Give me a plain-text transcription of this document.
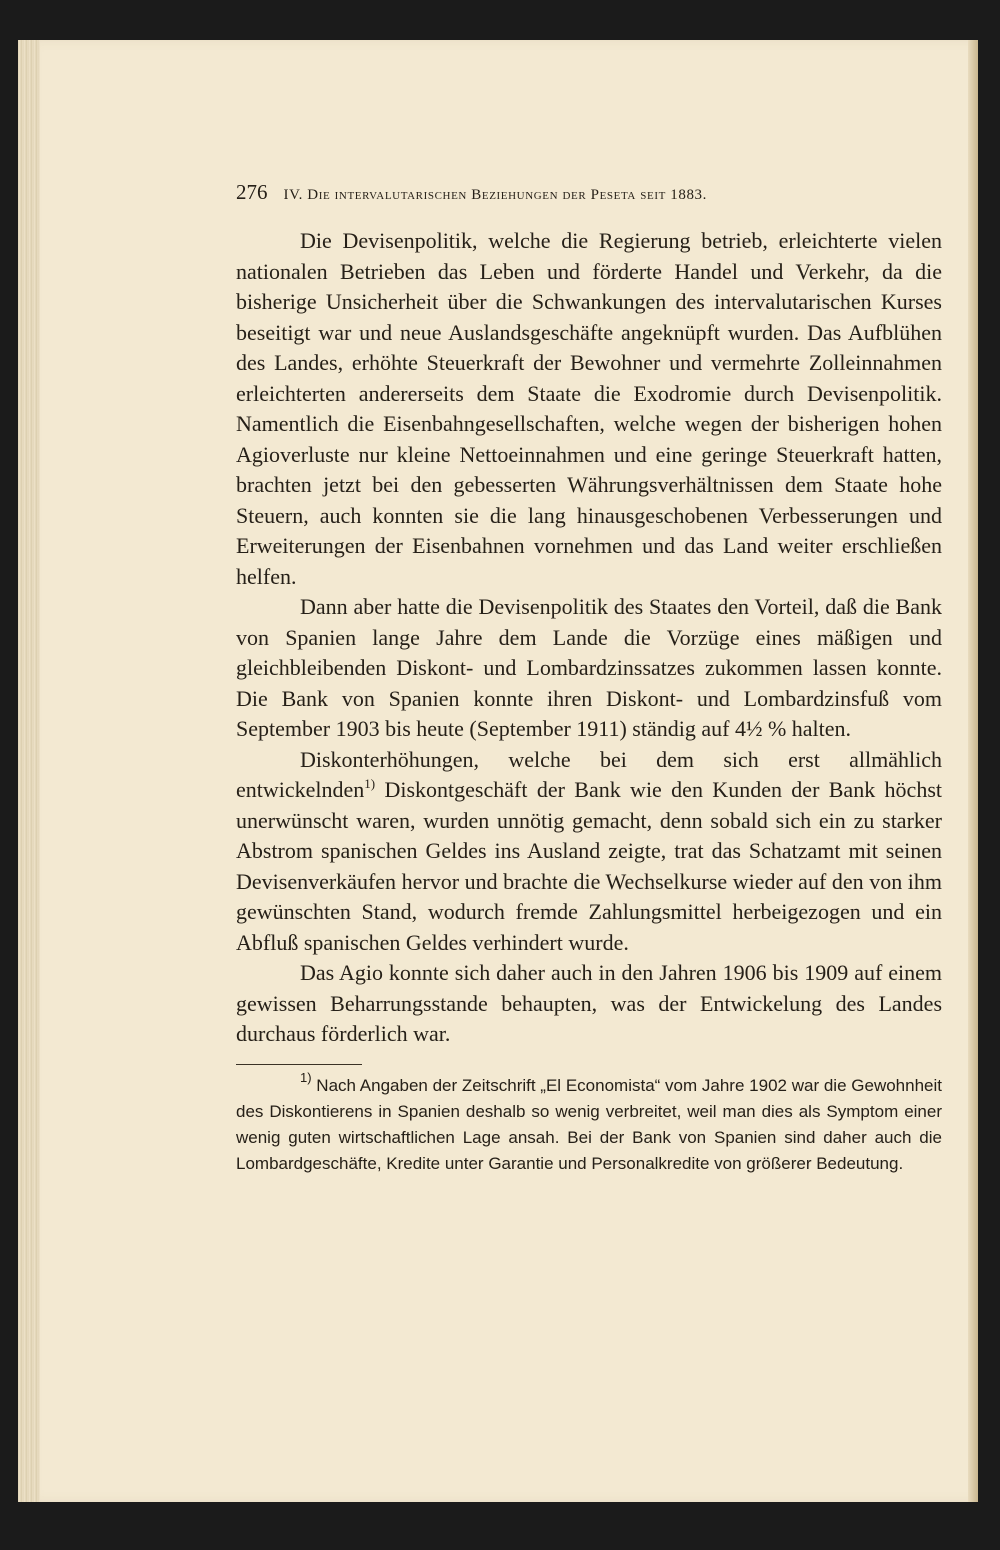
276 IV. Die intervalutarischen Beziehungen der Peseta seit 1883.

Die Devisenpolitik, welche die Regierung betrieb, erleichterte vielen nationalen Betrieben das Leben und förderte Handel und Verkehr, da die bisherige Unsicherheit über die Schwankungen des intervalutarischen Kurses beseitigt war und neue Auslandsgeschäfte angeknüpft wurden. Das Aufblühen des Landes, erhöhte Steuerkraft der Bewohner und vermehrte Zolleinnahmen erleichterten andererseits dem Staate die Exodromie durch Devisenpolitik. Namentlich die Eisenbahngesellschaften, welche wegen der bisherigen hohen Agioverluste nur kleine Nettoeinnahmen und eine geringe Steuerkraft hatten, brachten jetzt bei den gebesserten Währungsverhältnissen dem Staate hohe Steuern, auch konnten sie die lang hinausgeschobenen Verbesserungen und Erweiterungen der Eisenbahnen vornehmen und das Land weiter erschließen helfen.

Dann aber hatte die Devisenpolitik des Staates den Vorteil, daß die Bank von Spanien lange Jahre dem Lande die Vorzüge eines mäßigen und gleichbleibenden Diskont- und Lombardzinssatzes zukommen lassen konnte. Die Bank von Spanien konnte ihren Diskont- und Lombardzinsfuß vom September 1903 bis heute (September 1911) ständig auf 4½ % halten.

Diskonterhöhungen, welche bei dem sich erst allmählich entwickelnden$^{1)}$ Diskontgeschäft der Bank wie den Kunden der Bank höchst unerwünscht waren, wurden unnötig gemacht, denn sobald sich ein zu starker Abstrom spanischen Geldes ins Ausland zeigte, trat das Schatzamt mit seinen Devisenverkäufen hervor und brachte die Wechselkurse wieder auf den von ihm gewünschten Stand, wodurch fremde Zahlungsmittel herbeigezogen und ein Abfluß spanischen Geldes verhindert wurde.

Das Agio konnte sich daher auch in den Jahren 1906 bis 1909 auf einem gewissen Beharrungsstande behaupten, was der Entwickelung des Landes durchaus förderlich war.

$^{1)}$ Nach Angaben der Zeitschrift „El Economista“ vom Jahre 1902 war die Gewohnheit des Diskontierens in Spanien deshalb so wenig verbreitet, weil man dies als Symptom einer wenig guten wirtschaftlichen Lage ansah. Bei der Bank von Spanien sind daher auch die Lombardgeschäfte, Kredite unter Garantie und Personalkredite von größerer Bedeutung.
